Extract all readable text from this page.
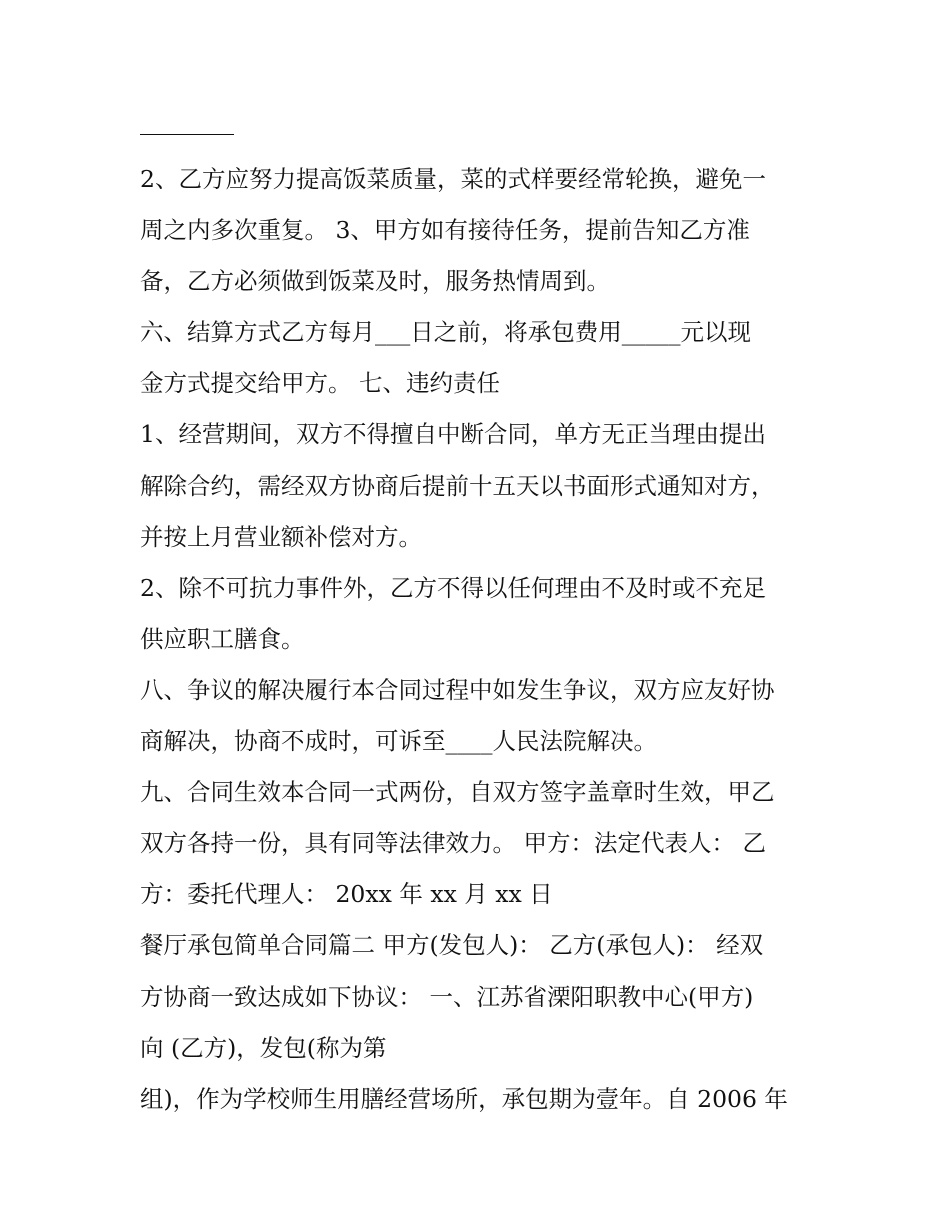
2、乙方应努力提高饭菜质量，菜的式样要经常轮换，避免一
周之内多次重复。 3、甲方如有接待任务，提前告知乙方准
备，乙方必须做到饭菜及时，服务热情周到。
六、结算方式乙方每月___日之前，将承包费用_____元以现
金方式提交给甲方。 七、违约责任
1、经营期间，双方不得擅自中断合同，单方无正当理由提出
解除合约，需经双方协商后提前十五天以书面形式通知对方，
并按上月营业额补偿对方。
2、除不可抗力事件外，乙方不得以任何理由不及时或不充足
供应职工膳食。
八、争议的解决履行本合同过程中如发生争议，双方应友好协
商解决，协商不成时，可诉至____人民法院解决。
九、合同生效本合同一式两份，自双方签字盖章时生效，甲乙
双方各持一份，具有同等法律效力。 甲方：法定代表人： 乙
方：委托代理人： 20xx 年 xx 月 xx 日
餐厅承包简单合同篇二 甲方(发包人)： 乙方(承包人)： 经双
方协商一致达成如下协议： 一、江苏省溧阳职教中心(甲方)
向 (乙方)，发包(称为第
组)，作为学校师生用膳经营场所，承包期为壹年。自 2006 年
